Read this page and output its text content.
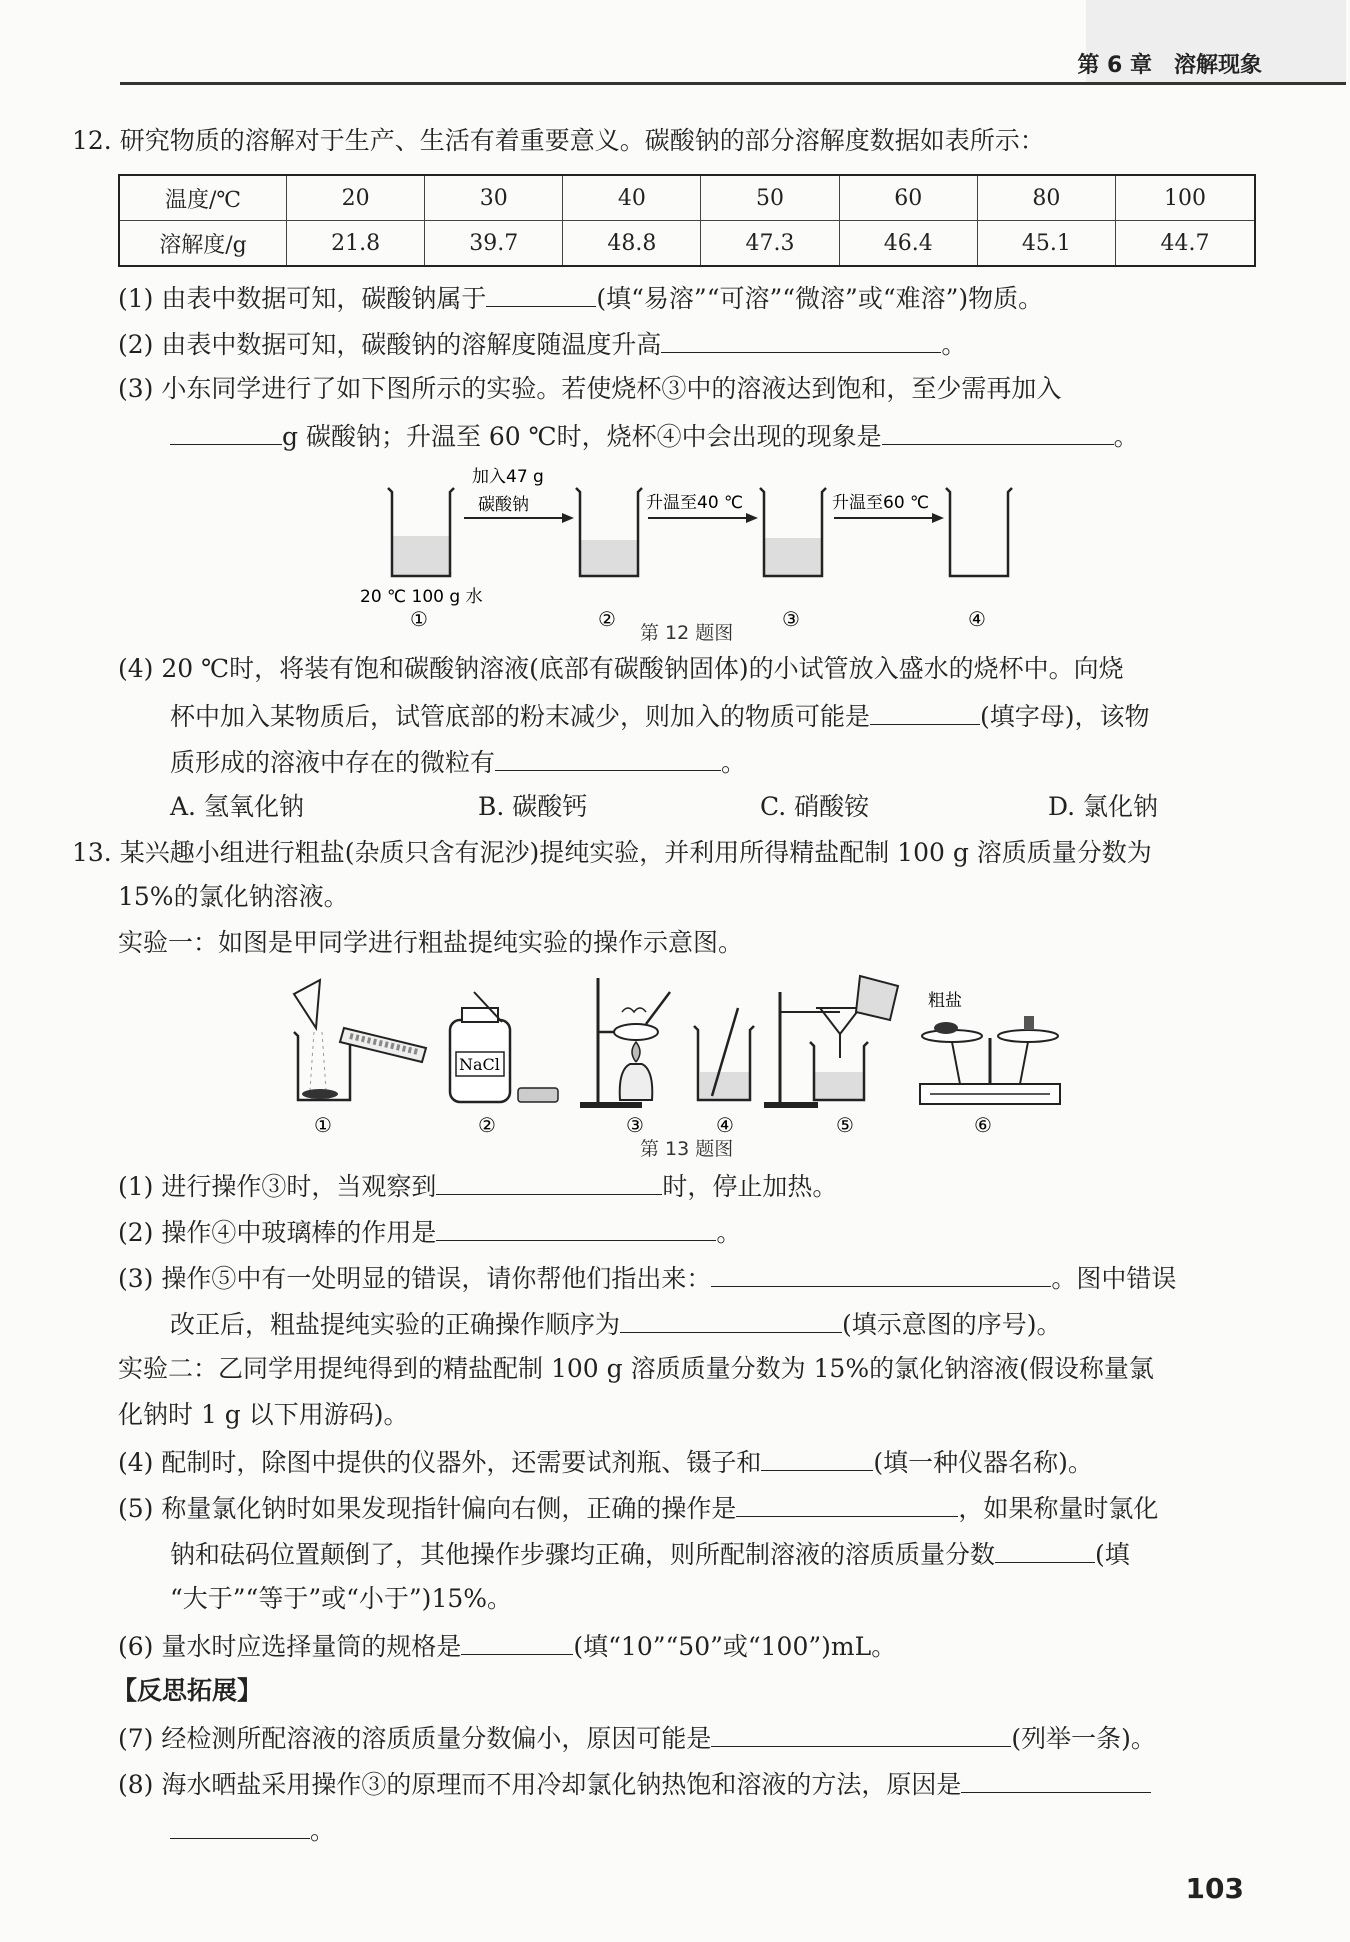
第 6 章 溶解现象
12. 研究物质的溶解对于生产、生活有着重要意义。碳酸钠的部分溶解度数据如表所示：
温度/℃	20	30	40	50	60	80	100
溶解度/g	21.8	39.7	48.8	47.3	46.4	45.1	44.7
(1) 由表中数据可知，碳酸钠属于	(填“易溶”“可溶”“微溶”或“难溶”)物质。
(2) 由表中数据可知，碳酸钠的溶解度随温度升高	。
(3) 小东同学进行了如下图所示的实验。若使烧杯③中的溶液达到饱和，至少需再加入
g 碳酸钠；升温至 60 ℃时，烧杯④中会出现的现象是	。
加入47 g
碳酸钠	升温至40 ℃	升温至60 ℃
20 ℃ 100 g 水
①	②	③	④
第 12 题图
(4) 20 ℃时，将装有饱和碳酸钠溶液(底部有碳酸钠固体)的小试管放入盛水的烧杯中。向烧
杯中加入某物质后，试管底部的粉末减少，则加入的物质可能是	(填字母)，该物
质形成的溶液中存在的微粒有	。
A. 氢氧化钠	B. 碳酸钙	C. 硝酸铵	D. 氯化钠
13. 某兴趣小组进行粗盐(杂质只含有泥沙)提纯实验，并利用所得精盐配制 100 g 溶质质量分数为
15%的氯化钠溶液。
实验一：如图是甲同学进行粗盐提纯实验的操作示意图。
NaCl
粗盐
①	②	③	④	⑤	⑥
第 13 题图
(1) 进行操作③时，当观察到	时，停止加热。
(2) 操作④中玻璃棒的作用是	。
(3) 操作⑤中有一处明显的错误，请你帮他们指出来：	。图中错误
改正后，粗盐提纯实验的正确操作顺序为	(填示意图的序号)。
实验二：乙同学用提纯得到的精盐配制 100 g 溶质质量分数为 15%的氯化钠溶液(假设称量氯
化钠时 1 g 以下用游码)。
(4) 配制时，除图中提供的仪器外，还需要试剂瓶、镊子和	(填一种仪器名称)。
(5) 称量氯化钠时如果发现指针偏向右侧，正确的操作是	，如果称量时氯化
钠和砝码位置颠倒了，其他操作步骤均正确，则所配制溶液的溶质质量分数	(填
“大于”“等于”或“小于”)15%。
(6) 量水时应选择量筒的规格是	(填“10”“50”或“100”)mL。
【反思拓展】
(7) 经检测所配溶液的溶质质量分数偏小，原因可能是	(列举一条)。
(8) 海水晒盐采用操作③的原理而不用冷却氯化钠热饱和溶液的方法，原因是
。
103
